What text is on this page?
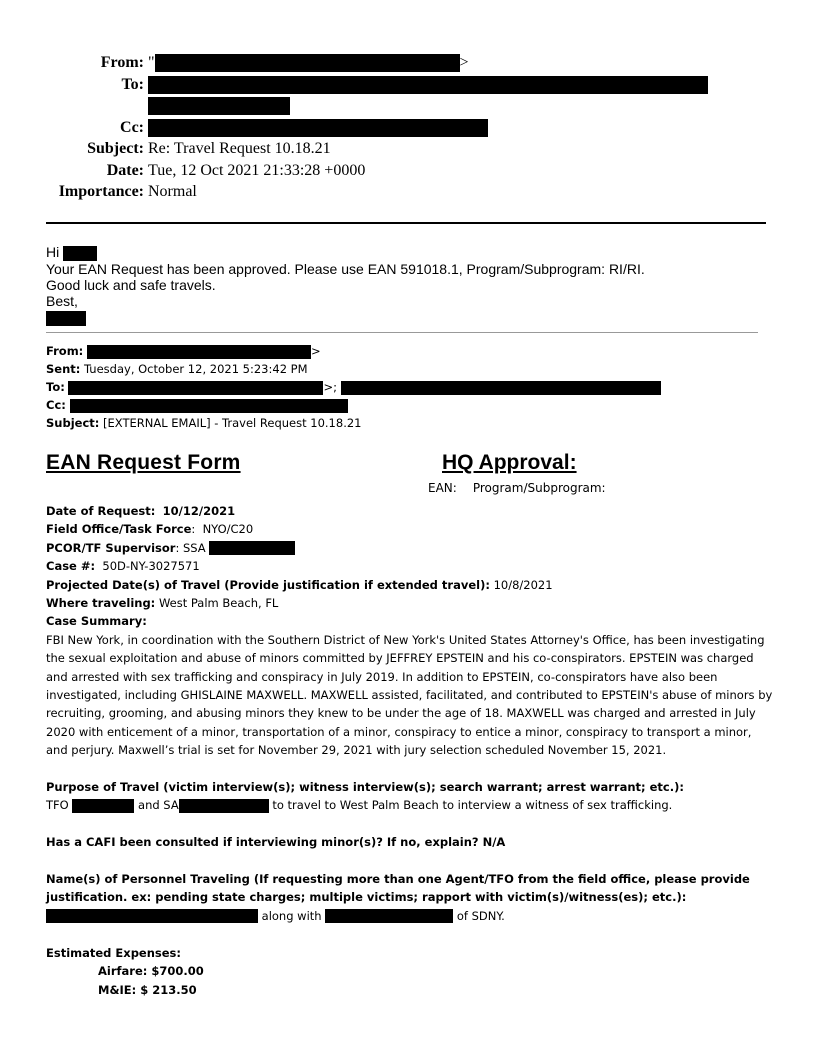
From: "	>
To:
Cc:
Subject: Re: Travel Request 10.18.21
Date: Tue, 12 Oct 2021 21:33:28 +0000
Importance: Normal
Hi
Your EAN Request has been approved. Please use EAN 591018.1, Program/Subprogram: RI/RI.
Good luck and safe travels.
Best,
From:	>
Sent: Tuesday, October 12, 2021 5:23:42 PM
To:	>;
Cc:
Subject: [EXTERNAL EMAIL] - Travel Request 10.18.21
EAN Request Form	HQ Approval:
EAN: Program/Subprogram:
Date of Request: 10/12/2021
Field Office/Task Force:  NYO/C20
PCOR/TF Supervisor: SSA
Case #: 50D-NY-3027571
Projected Date(s) of Travel (Provide justification if extended travel): 10/8/2021
Where traveling: West Palm Beach, FL
Case Summary:
FBI New York, in coordination with the Southern District of New York's United States Attorney's Office, has been investigating the sexual exploitation and abuse of minors committed by JEFFREY EPSTEIN and his co-conspirators. EPSTEIN was charged and arrested with sex trafficking and conspiracy in July 2019. In addition to EPSTEIN, co-conspirators have also been investigated, including GHISLAINE MAXWELL. MAXWELL assisted, facilitated, and contributed to EPSTEIN's abuse of minors by recruiting, grooming, and abusing minors they knew to be under the age of 18. MAXWELL was charged and arrested in July 2020 with enticement of a minor, transportation of a minor, conspiracy to entice a minor, conspiracy to transport a minor, and perjury. Maxwell’s trial is set for November 29, 2021 with jury selection scheduled November 15, 2021.
Purpose of Travel (victim interview(s); witness interview(s); search warrant; arrest warrant; etc.):
TFO	and SA	to travel to West Palm Beach to interview a witness of sex trafficking.
Has a CAFI been consulted if interviewing minor(s)? If no, explain? N/A
Name(s) of Personnel Traveling (If requesting more than one Agent/TFO from the field office, please provide justification. ex: pending state charges; multiple victims; rapport with victim(s)/witness(es); etc.):
along with	of SDNY.
Estimated Expenses:
Airfare: $700.00
M&IE: $ 213.50
